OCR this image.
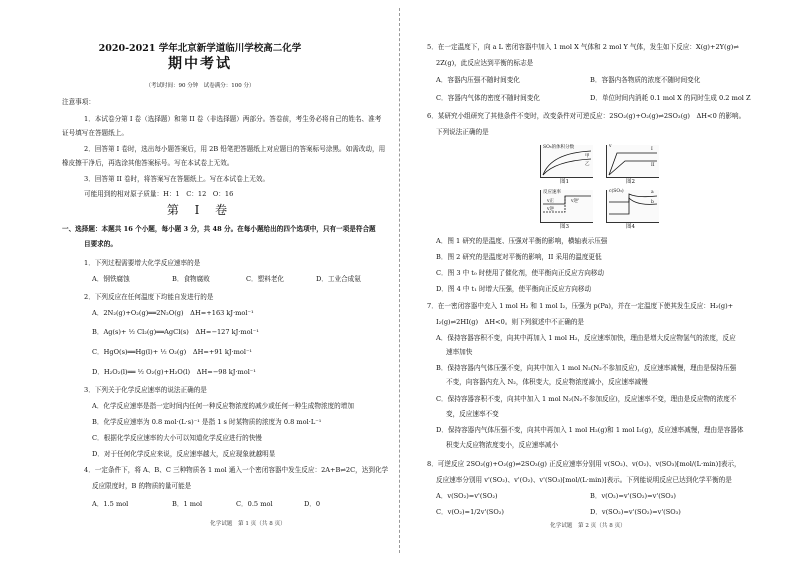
2020-2021 学年北京新学道临川学校高二化学
期中考试
（考试时间：90 分钟　试卷满分：100 分）
注意事项：
1．本试卷分第 I 卷（选择题）和第 II 卷（非选择题）两部分。答卷前，考生务必将自己的姓名、准考
证号填写在答题纸上。
2．回答第 I 卷时，选出每小题答案后，用 2B 铅笔把答题纸上对应题目的答案标号涂黑。如需改动，用
橡皮擦干净后，再选涂其他答案标号。写在本试卷上无效。
3．回答第 II 卷时，将答案写在答题纸上。写在本试卷上无效。
可能用到的相对原子质量：H：1　C：12　O：16
第 I 卷
一、选择题：本题共 16 个小题，每小题 3 分，共 48 分。在每小题给出的四个选项中，只有一项是符合题
目要求的。
1．下列过程需要增大化学反应速率的是
A．钢铁腐蚀	B．食物腐败	C．塑料老化	D．工业合成氨
2．下列反应在任何温度下均能自发进行的是
A．2N₂(g)+O₂(g)══2N₂O(g)　ΔH=+163 kJ·mol⁻¹
B．Ag(s)+ ½ Cl₂(g)══AgCl(s)　ΔH=−127 kJ·mol⁻¹
C．HgO(s)══Hg(l)+ ½ O₂(g)　ΔH=+91 kJ·mol⁻¹
D．H₂O₂(l)══ ½ O₂(g)+H₂O(l)　ΔH=−98 kJ·mol⁻¹
3．下列关于化学反应速率的说法正确的是
A．化学反应速率是指一定时间内任何一种反应物浓度的减少或任何一种生成物浓度的增加
B．化学反应速率为 0.8 mol·(L·s)⁻¹ 是指 1 s 时某物质的浓度为 0.8 mol·L⁻¹
C．根据化学反应速率的大小可以知道化学反应进行的快慢
D．对于任何化学反应来说，反应速率越大，反应现象就越明显
4．一定条件下，将 A、B、C 三种物质各 1 mol 通入一个密闭容器中发生反应：2A+B⇌2C，达到化学
反应限度时，B 的物质的量可能是
A．1.5 mol	B．1 mol	C．0.5 mol	D．0
化学试题　第 1 页（共 8 页）
5．在一定温度下，向 a L 密闭容器中加入 1 mol X 气体和 2 mol Y 气体，发生如下反应：X(g)+2Y(g)⇌
2Z(g)，此反应达到平衡的标志是
A．容器内压强不随时间变化	B．容器内各物质的浓度不随时间变化
C．容器内气体的密度不随时间变化	D．单位时间内消耗 0.1 mol X 的同时生成 0.2 mol Z
6．某研究小组研究了其他条件不变时，改变条件对可逆反应：2SO₂(g)+O₂(g)⇌2SO₃(g)　ΔH<0 的影响。
下列说法正确的是
SO₃的体积分数
甲
乙
图1
v
I
II
图2
反应速率
v正
v逆
v逆'
图3
c(SO₃)	a
b
图4
A．图 1 研究的是温度、压强对平衡的影响，横轴表示压强
B．图 2 研究的是温度对平衡的影响，II 采用的温度更低
C．图 3 中 t₀ 时使用了催化剂，使平衡向正反应方向移动
D．图 4 中 t₁ 时增大压强，使平衡向正反应方向移动
7．在一密闭容器中充入 1 mol H₂ 和 1 mol I₂，压强为 p(Pa)，并在一定温度下使其发生反应：H₂(g)+
I₂(g)⇌2HI(g)　ΔH<0。则下列叙述中不正确的是
A．保持容器容积不变，向其中再加入 1 mol H₂，反应速率加快，理由是增大反应物氢气的浓度，反应
速率加快
B．保持容器内气体压强不变，向其中加入 1 mol N₂(N₂不参加反应)，反应速率减慢，理由是保持压强
不变，向容器内充入 N₂，体积变大，反应物浓度减小，反应速率减慢
C．保持容器容积不变，向其中加入 1 mol N₂(N₂不参加反应)，反应速率不变，理由是反应物的浓度不
变，反应速率不变
D．保持容器内气体压强不变，向其中再加入 1 mol H₂(g)和 1 mol I₂(g)，反应速率减慢，理由是容器体
积变大反应物浓度变小，反应速率减小
8．可逆反应 2SO₂(g)+O₂(g)⇌2SO₃(g) 正反应速率分别用 v(SO₂)、v(O₂)、v(SO₃)[mol/(L·min)]表示，
反应速率分别用 v'(SO₂)、v'(O₂)、v'(SO₃)[mol/(L·min)]表示。下列能说明反应已达到化学平衡的是
A．v(SO₂)=v'(SO₂)	B．v(O₂)=v'(SO₂)=v'(SO₃)
C．v(O₂)=1/2v'(SO₂)	D．v(SO₂)=v'(SO₂)=v'(SO₃)
化学试题　第 2 页（共 8 页）
